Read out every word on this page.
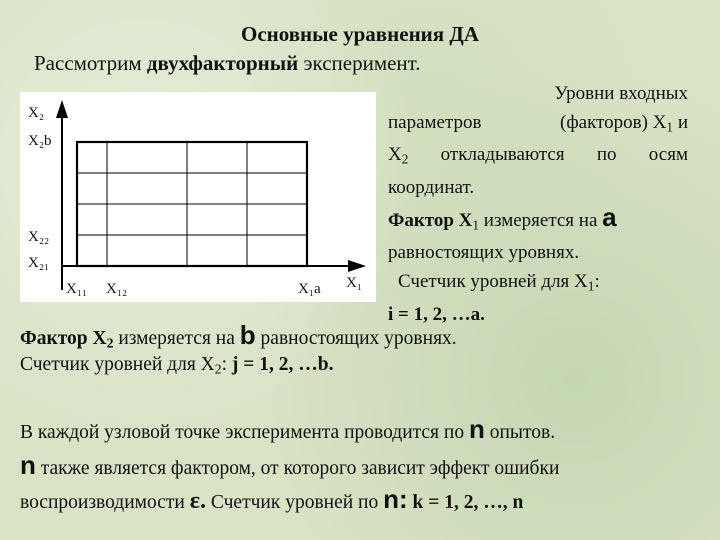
Основные уравнения ДА
Рассмотрим двухфакторный эксперимент.
X₂
X₂b
X₂₂
X₂₁
X₁₁ X₁₂	X₁a X₁
Уровни входных
параметров	(факторов) $X_1$ и
$X_2$ откладываются по осям
координат.
Фактор $X_1$ измеряется на a
равностоящих уровнях.
Счетчик уровней для $X_1$:
i = 1, 2, …a.
Фактор $X_2$ измеряется на b равностоящих уровнях.
Счетчик уровней для $X_2$: j = 1, 2, …b.
В каждой узловой точке эксперимента проводится по n опытов.
n также является фактором, от которого зависит эффект ошибки
воспроизводимости ε. Счетчик уровней по n: k = 1, 2, …, n
